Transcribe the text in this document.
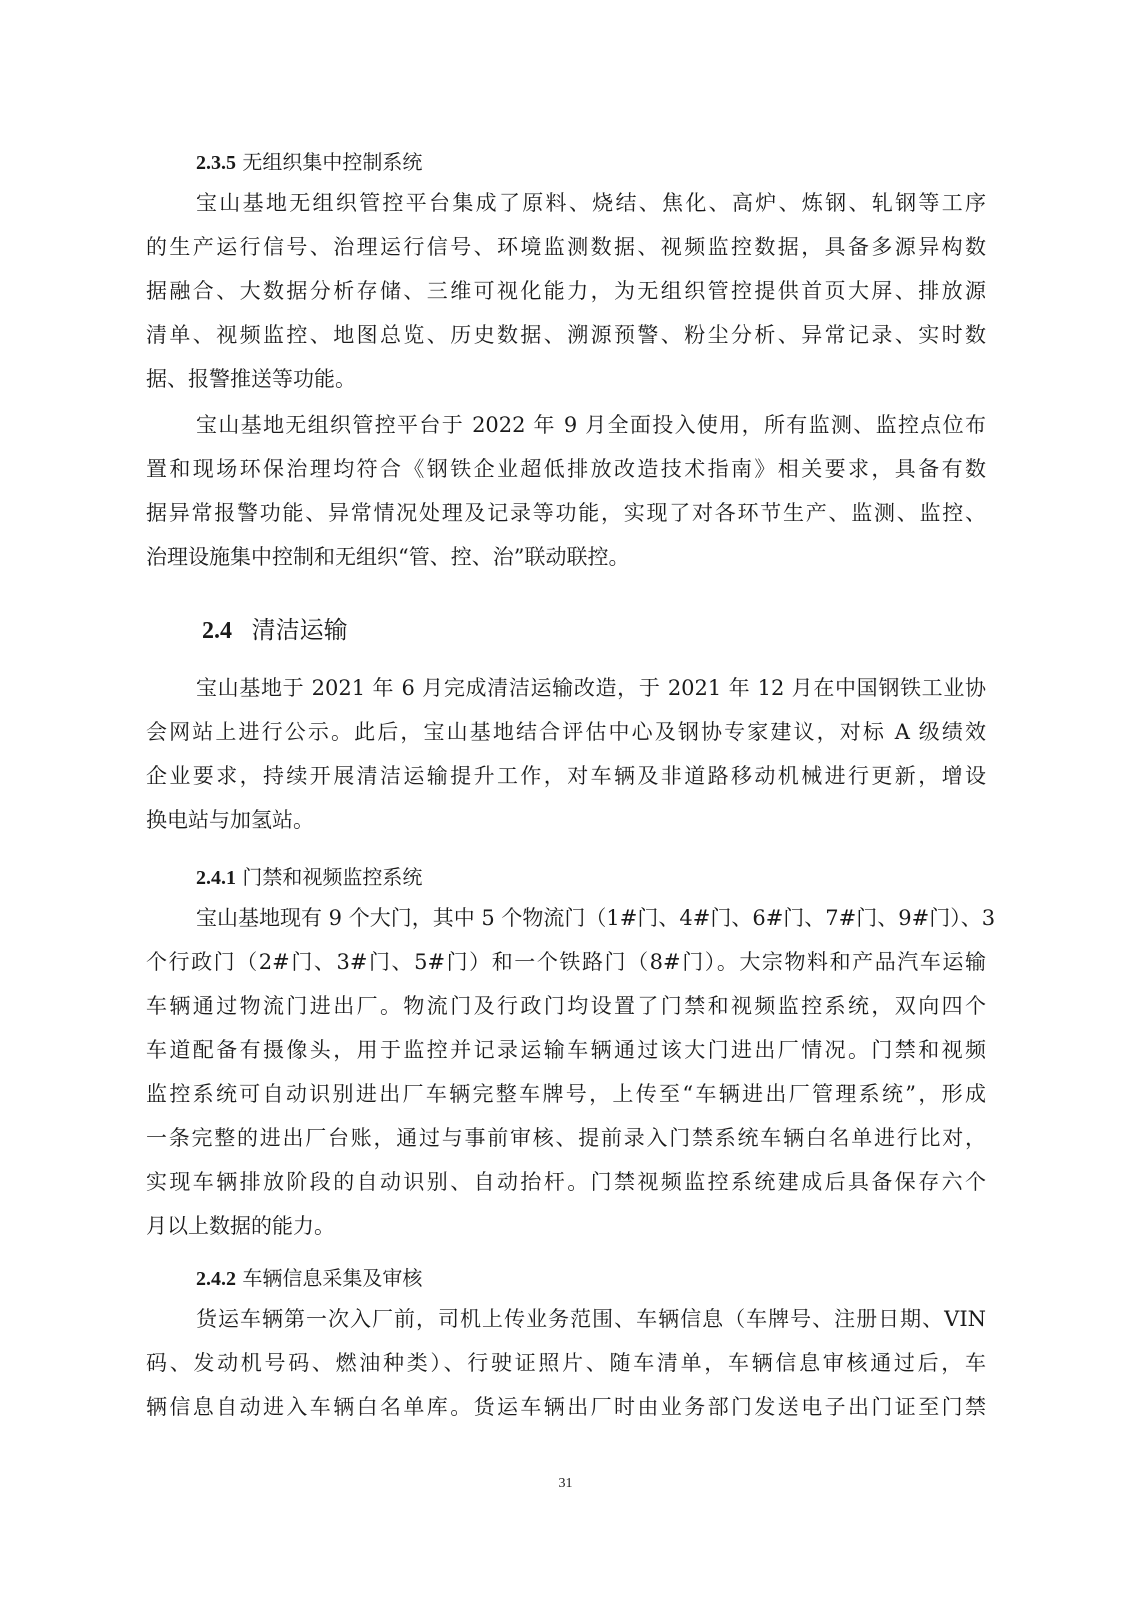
2.3.5 无组织集中控制系统
宝山基地无组织管控平台集成了原料、烧结、焦化、高炉、炼钢、轧钢等工序
的生产运行信号、治理运行信号、环境监测数据、视频监控数据，具备多源异构数
据融合、大数据分析存储、三维可视化能力，为无组织管控提供首页大屏、排放源
清单、视频监控、地图总览、历史数据、溯源预警、粉尘分析、异常记录、实时数
据、报警推送等功能。
宝山基地无组织管控平台于 2022 年 9 月全面投入使用，所有监测、监控点位布
置和现场环保治理均符合《钢铁企业超低排放改造技术指南》相关要求，具备有数
据异常报警功能、异常情况处理及记录等功能，实现了对各环节生产、监测、监控、
治理设施集中控制和无组织“管、控、治”联动联控。
2.4 清洁运输
宝山基地于 2021 年 6 月完成清洁运输改造，于 2021 年 12 月在中国钢铁工业协
会网站上进行公示。此后，宝山基地结合评估中心及钢协专家建议，对标 A 级绩效
企业要求，持续开展清洁运输提升工作，对车辆及非道路移动机械进行更新，增设
换电站与加氢站。
2.4.1 门禁和视频监控系统
宝山基地现有 9 个大门，其中 5 个物流门（1#门、4#门、6#门、7#门、9#门）、3
个行政门（2#门、3#门、5#门）和一个铁路门（8#门）。大宗物料和产品汽车运输
车辆通过物流门进出厂。物流门及行政门均设置了门禁和视频监控系统，双向四个
车道配备有摄像头，用于监控并记录运输车辆通过该大门进出厂情况。门禁和视频
监控系统可自动识别进出厂车辆完整车牌号，上传至“车辆进出厂管理系统”，形成
一条完整的进出厂台账，通过与事前审核、提前录入门禁系统车辆白名单进行比对，
实现车辆排放阶段的自动识别、自动抬杆。门禁视频监控系统建成后具备保存六个
月以上数据的能力。
2.4.2 车辆信息采集及审核
货运车辆第一次入厂前，司机上传业务范围、车辆信息（车牌号、注册日期、VIN
码、发动机号码、燃油种类）、行驶证照片、随车清单，车辆信息审核通过后，车
辆信息自动进入车辆白名单库。货运车辆出厂时由业务部门发送电子出门证至门禁
31
